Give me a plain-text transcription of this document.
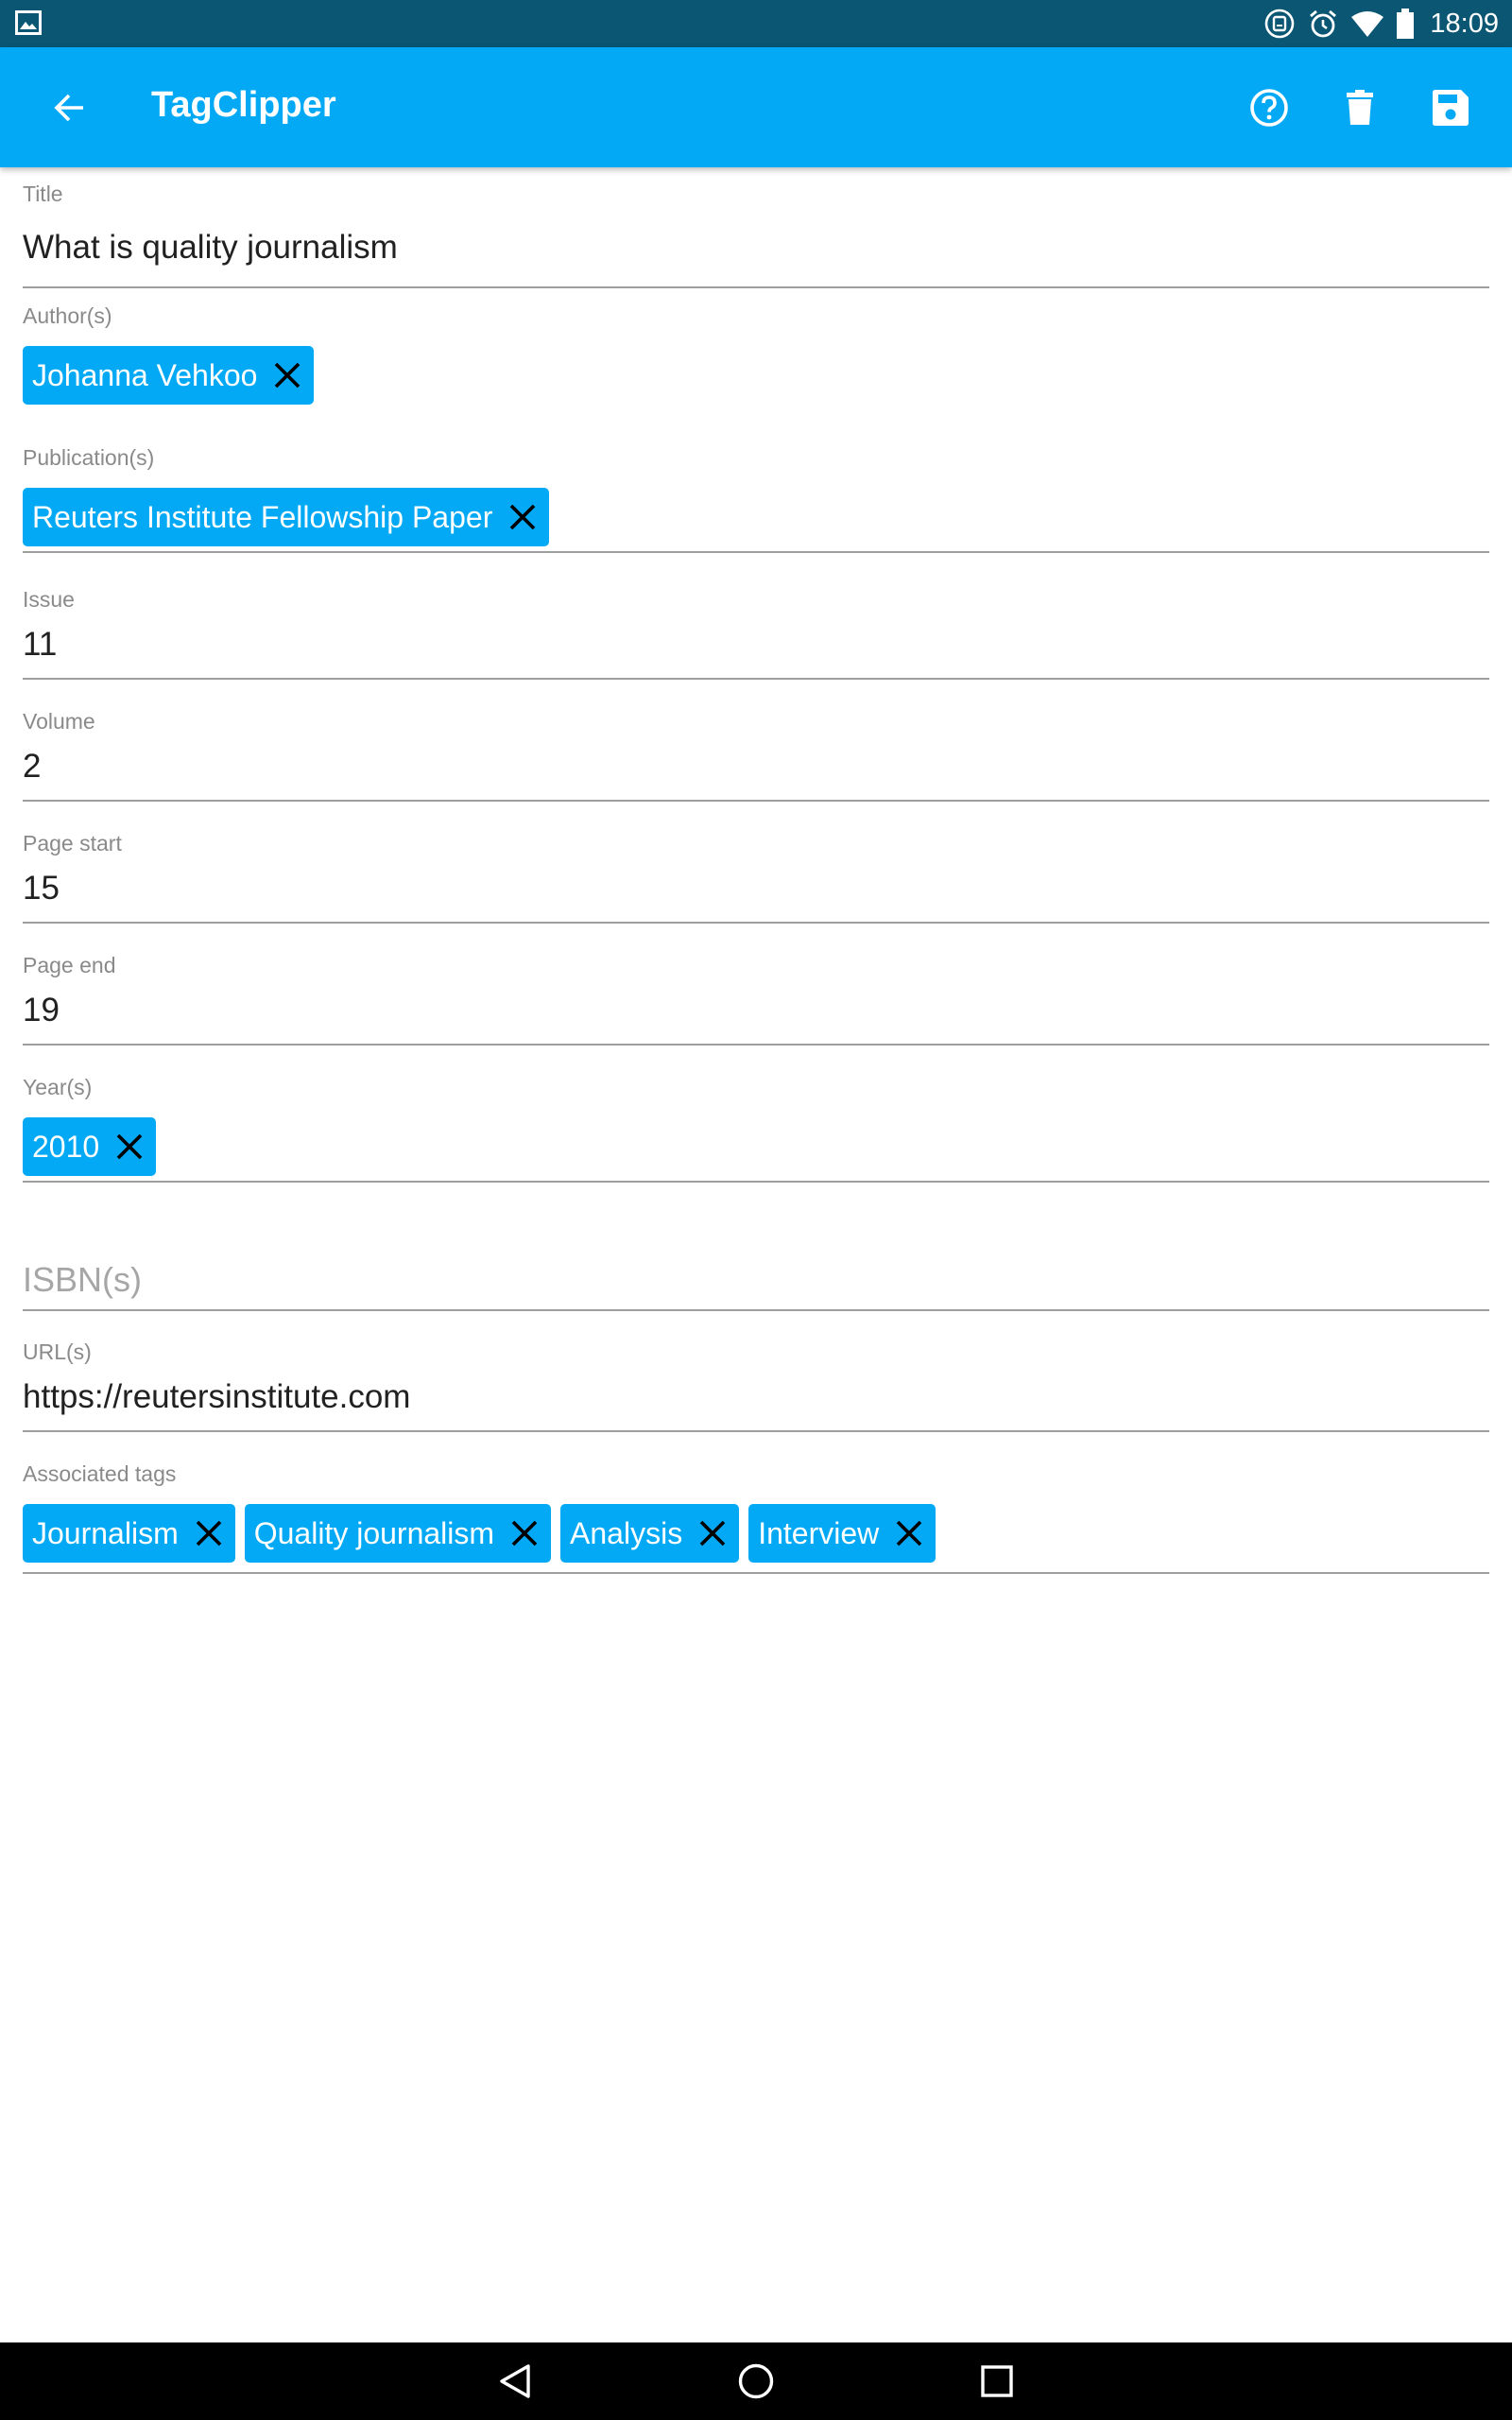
18:09
TagClipper
Title
What is quality journalism
Author(s)
Johanna Vehkoo
Publication(s)
Reuters Institute Fellowship Paper
Issue
11
Volume
2
Page start
15
Page end
19
Year(s)
2010
ISBN(s)
URL(s)
https://reutersinstitute.com
Associated tags
Journalism	Quality journalism	Analysis	Interview
